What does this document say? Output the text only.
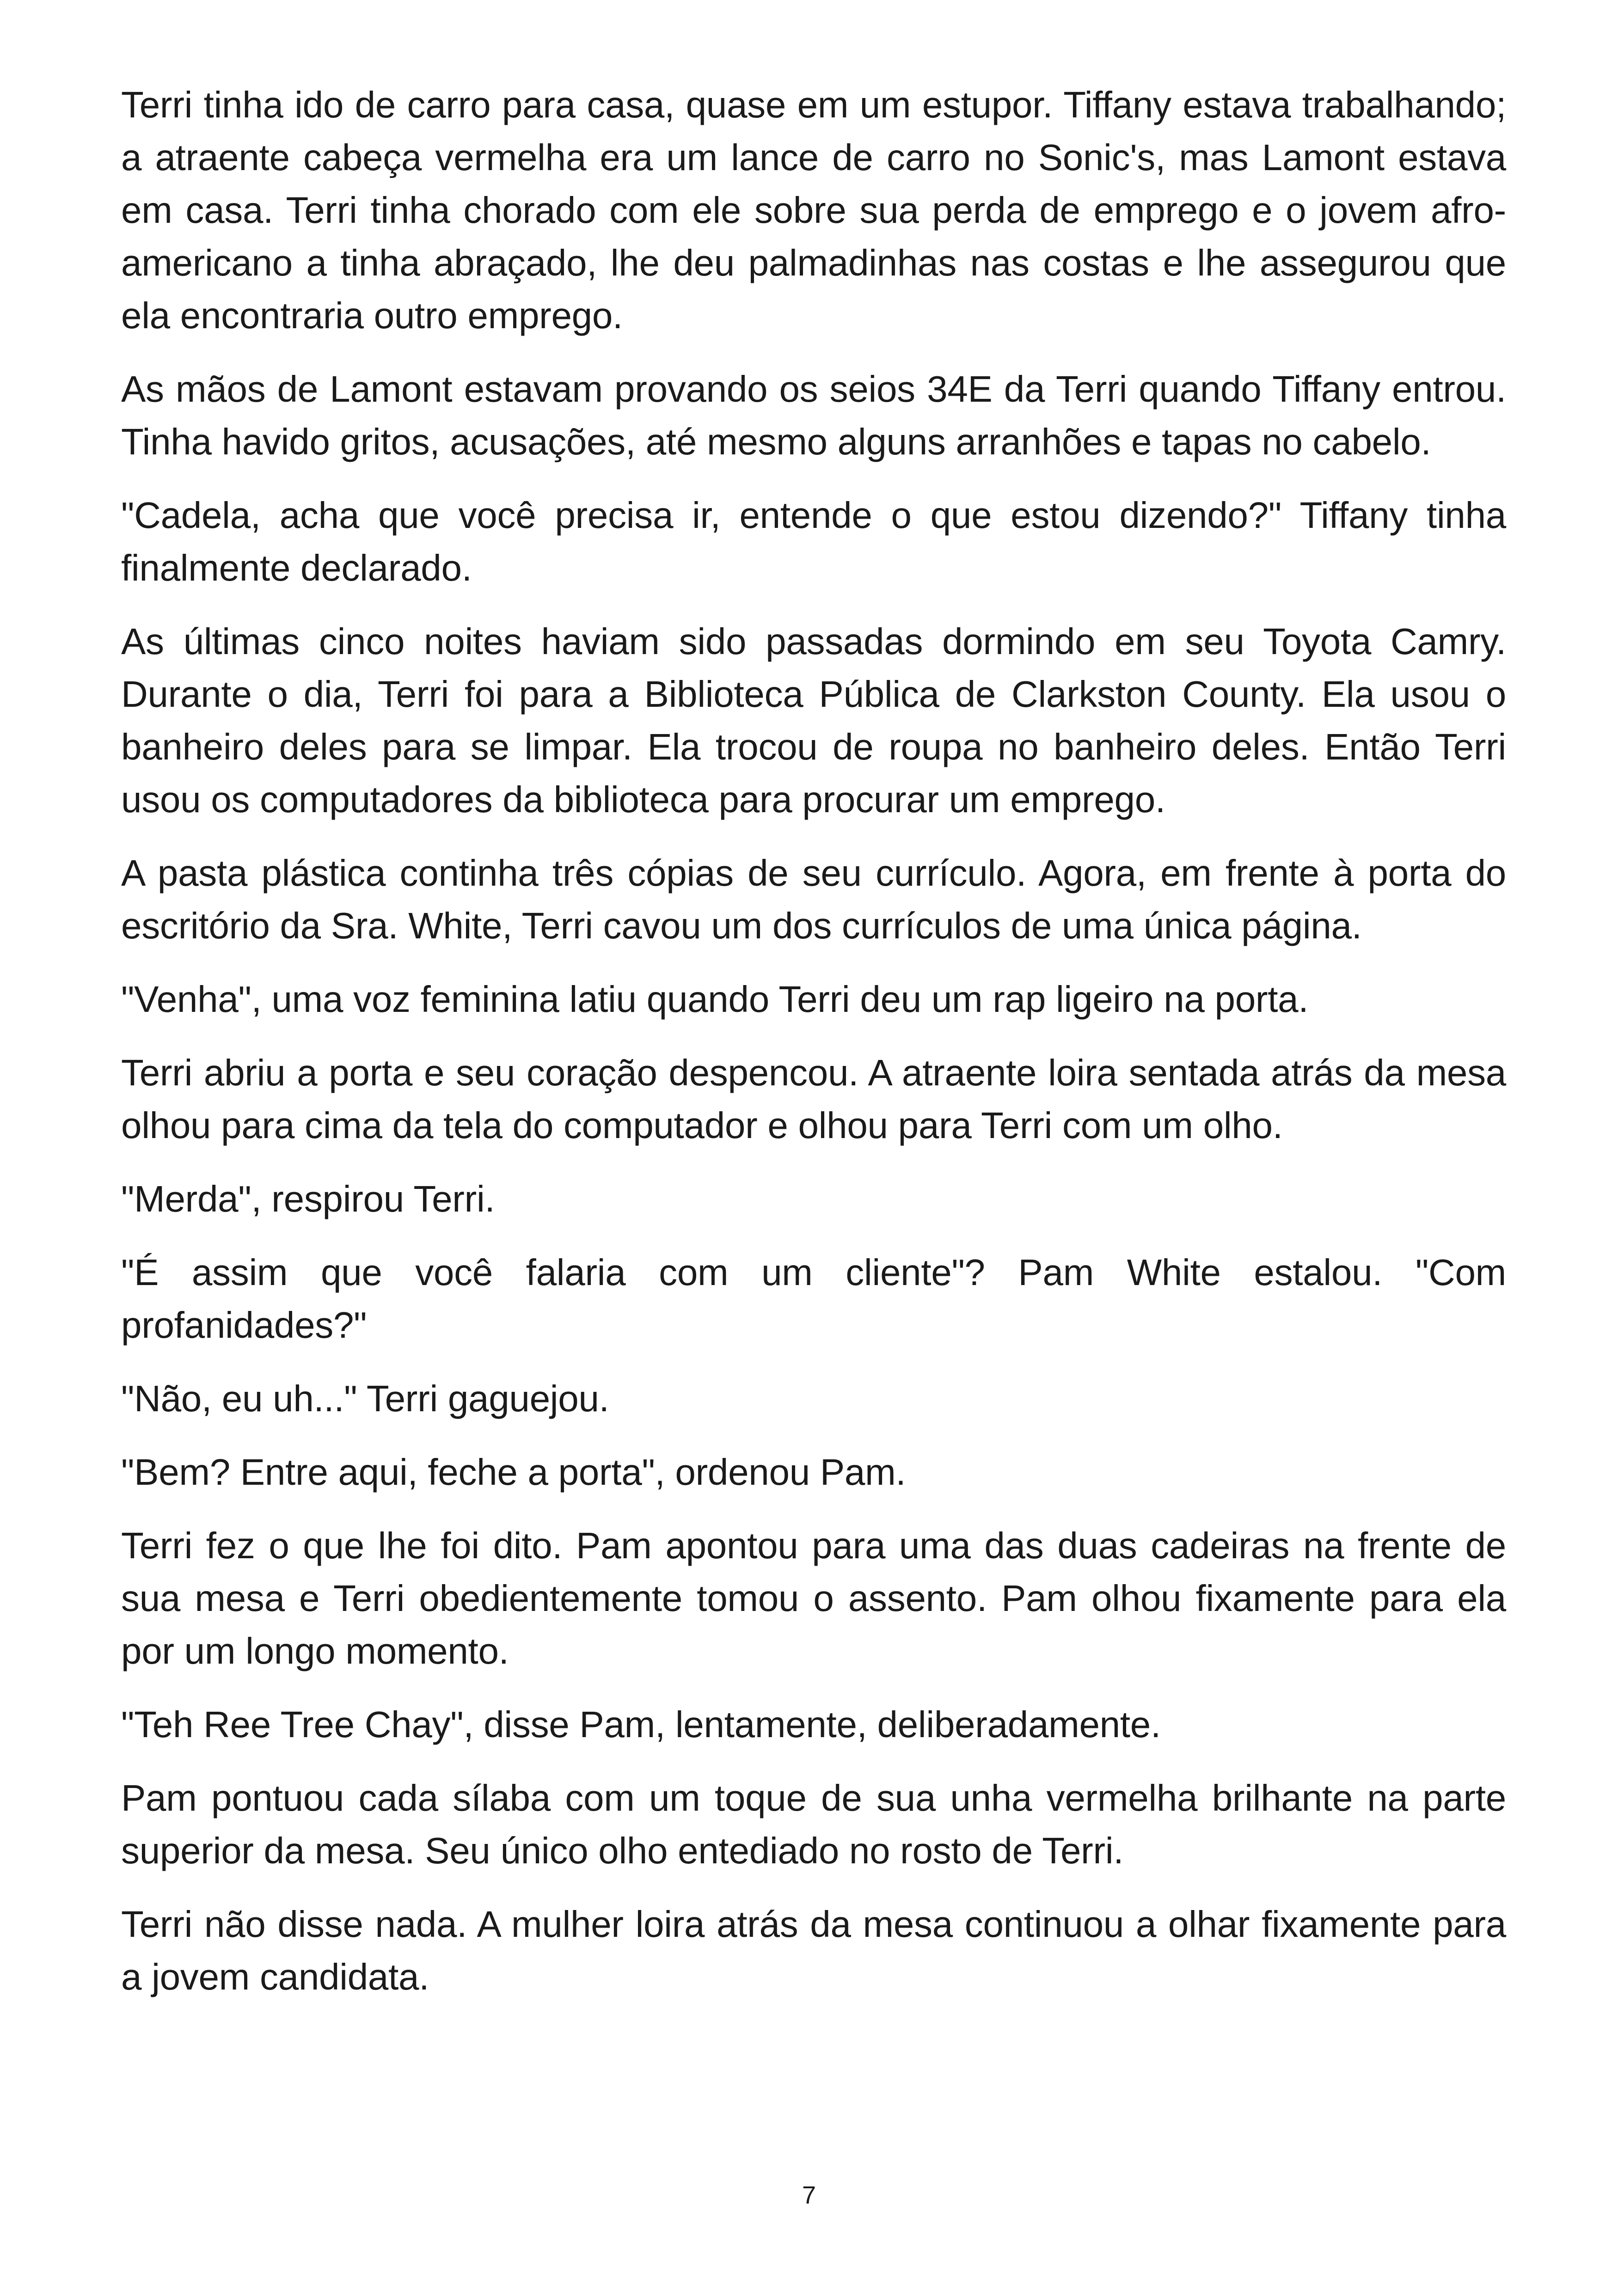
Terri tinha ido de carro para casa, quase em um estupor. Tiffany estava trabalhando; a atraente cabeça vermelha era um lance de carro no Sonic's, mas Lamont estava em casa. Terri tinha chorado com ele sobre sua perda de emprego e o jovem afro-americano a tinha abraçado, lhe deu palmadinhas nas costas e lhe assegurou que ela encontraria outro emprego.

As mãos de Lamont estavam provando os seios 34E da Terri quando Tiffany entrou. Tinha havido gritos, acusações, até mesmo alguns arranhões e tapas no cabelo.

"Cadela, acha que você precisa ir, entende o que estou dizendo?" Tiffany tinha finalmente declarado.

As últimas cinco noites haviam sido passadas dormindo em seu Toyota Camry. Durante o dia, Terri foi para a Biblioteca Pública de Clarkston County. Ela usou o banheiro deles para se limpar. Ela trocou de roupa no banheiro deles. Então Terri usou os computadores da biblioteca para procurar um emprego.

A pasta plástica continha três cópias de seu currículo. Agora, em frente à porta do escritório da Sra. White, Terri cavou um dos currículos de uma única página.

"Venha", uma voz feminina latiu quando Terri deu um rap ligeiro na porta.

Terri abriu a porta e seu coração despencou. A atraente loira sentada atrás da mesa olhou para cima da tela do computador e olhou para Terri com um olho.

"Merda", respirou Terri.

"É assim que você falaria com um cliente"? Pam White estalou. "Com profanidades?"

"Não, eu uh..." Terri gaguejou.

"Bem? Entre aqui, feche a porta", ordenou Pam.

Terri fez o que lhe foi dito. Pam apontou para uma das duas cadeiras na frente de sua mesa e Terri obedientemente tomou o assento. Pam olhou fixamente para ela por um longo momento.

"Teh Ree Tree Chay", disse Pam, lentamente, deliberadamente.

Pam pontuou cada sílaba com um toque de sua unha vermelha brilhante na parte superior da mesa. Seu único olho entediado no rosto de Terri.

Terri não disse nada. A mulher loira atrás da mesa continuou a olhar fixamente para a jovem candidata.

7
